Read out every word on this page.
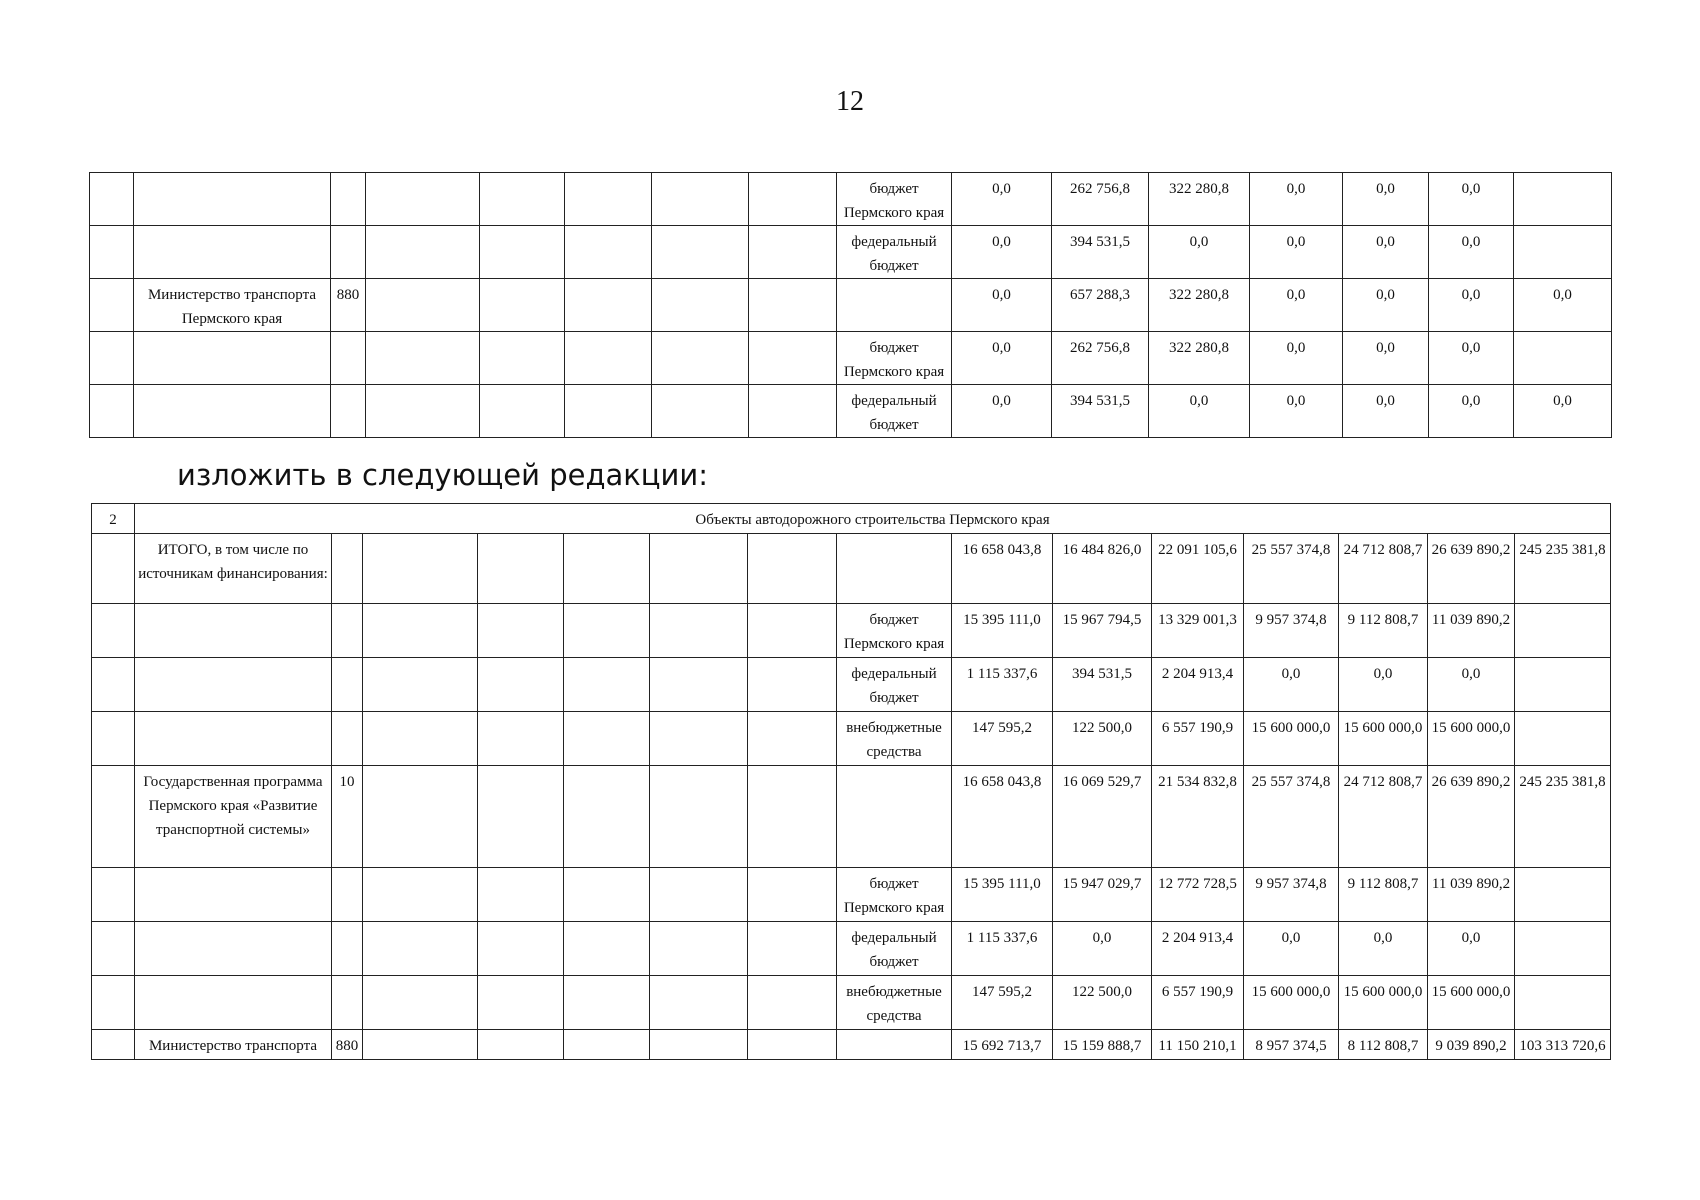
12
								бюджет Пермского края	0,0	262 756,8	322 280,8	0,0	0,0	0,0	
								федеральный бюджет	0,0	394 531,5	0,0	0,0	0,0	0,0	
	Министерство транспорта Пермского края	880							0,0	657 288,3	322 280,8	0,0	0,0	0,0	0,0
								бюджет Пермского края	0,0	262 756,8	322 280,8	0,0	0,0	0,0	
								федеральный бюджет	0,0	394 531,5	0,0	0,0	0,0	0,0	0,0
изложить в следующей редакции:
2	Объекты автодорожного строительства Пермского края														
	ИТОГО, в том числе по источникам финансирования:								16 658 043,8	16 484 826,0	22 091 105,6	25 557 374,8	24 712 808,7	26 639 890,2	245 235 381,8
								бюджет Пермского края	15 395 111,0	15 967 794,5	13 329 001,3	9 957 374,8	9 112 808,7	11 039 890,2	
								федеральный бюджет	1 115 337,6	394 531,5	2 204 913,4	0,0	0,0	0,0	
								внебюджетные средства	147 595,2	122 500,0	6 557 190,9	15 600 000,0	15 600 000,0	15 600 000,0	
	Государственная программа Пермского края «Развитие транспортной системы»	10							16 658 043,8	16 069 529,7	21 534 832,8	25 557 374,8	24 712 808,7	26 639 890,2	245 235 381,8
								бюджет Пермского края	15 395 111,0	15 947 029,7	12 772 728,5	9 957 374,8	9 112 808,7	11 039 890,2	
								федеральный бюджет	1 115 337,6	0,0	2 204 913,4	0,0	0,0	0,0	
								внебюджетные средства	147 595,2	122 500,0	6 557 190,9	15 600 000,0	15 600 000,0	15 600 000,0	
	Министерство транспорта	880							15 692 713,7	15 159 888,7	11 150 210,1	8 957 374,5	8 112 808,7	9 039 890,2	103 313 720,6
